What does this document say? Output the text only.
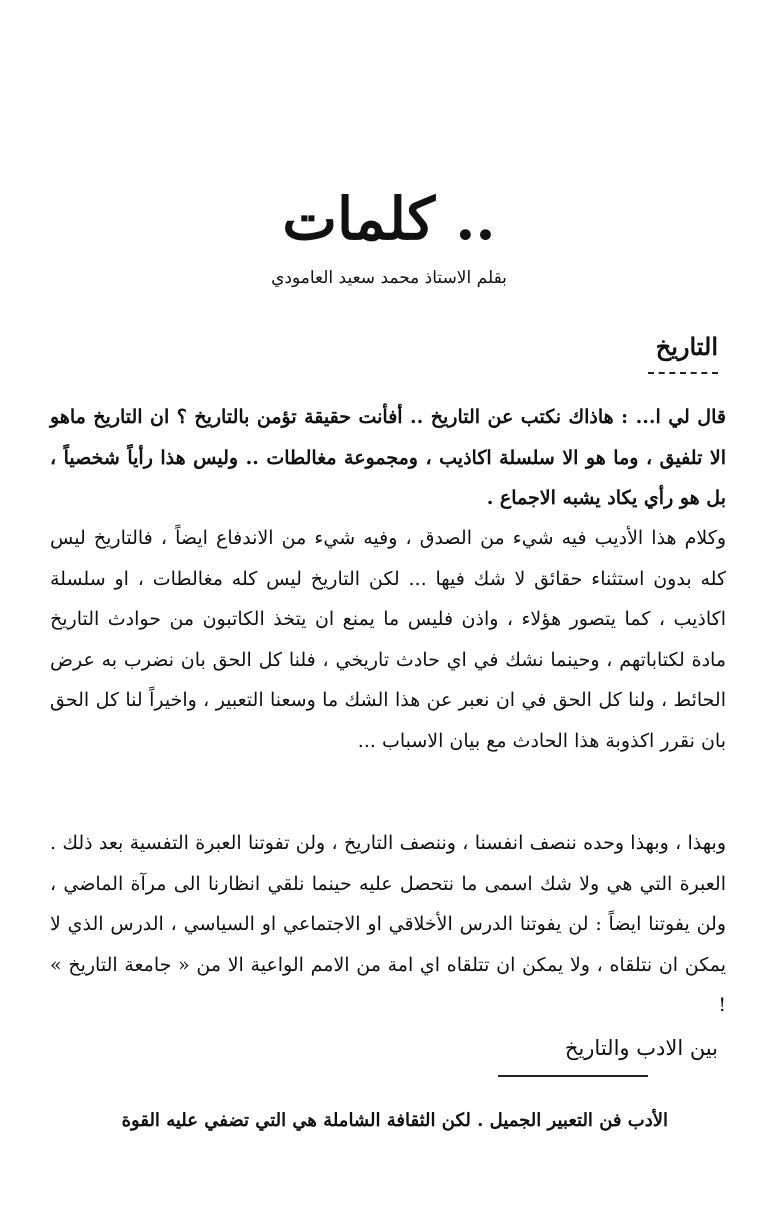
كلمات ..
بقلم الاستاذ محمد سعيد العامودي
التاريخ

قال لي ا... : هاذاك نكتب عن التاريخ .. أفأنت حقيقة تؤمن بالتاريخ ؟ ان التاريخ ماهو الا تلفيق ، وما هو الا سلسلة اكاذيب ، ومجموعة مغالطات .. وليس هذا رأياً شخصياً ، بل هو رأي يكاد يشبه الاجماع .

وكلام هذا الأديب فيه شيء من الصدق ، وفيه شيء من الاندفاع ايضاً ، فالتاريخ ليس كله بدون استثناء حقائق لا شك فيها ... لكن التاريخ ليس كله مغالطات ، او سلسلة اكاذيب ، كما يتصور هؤلاء ، واذن فليس ما يمنع ان يتخذ الكاتبون من حوادث التاريخ مادة لكتاباتهم ، وحينما نشك في اي حادث تاريخي ، فلنا كل الحق بان نضرب به عرض الحائط ، ولنا كل الحق في ان نعبر عن هذا الشك ما وسعنا التعبير ، واخيراً لنا كل الحق بان نقرر اكذوبة هذا الحادث مع بيان الاسباب ...

وبهذا ، وبهذا وحده ننصف انفسنا ، وننصف التاريخ ، ولن تفوتنا العبرة التفسية بعد ذلك . العبرة التي هي ولا شك اسمى ما نتحصل عليه حينما نلقي انظارنا الى مرآة الماضي ، ولن يفوتنا ايضاً : لن يفوتنا الدرس الأخلاقي او الاجتماعي او السياسي ، الدرس الذي لا يمكن ان نتلقاه ، ولا يمكن ان تتلقاه اي امة من الامم الواعية الا من « جامعة التاريخ » !

بين الادب والتاريخ
الأدب فن التعبير الجميل . لكن الثقافة الشاملة هي التي تضفي عليه القوة
